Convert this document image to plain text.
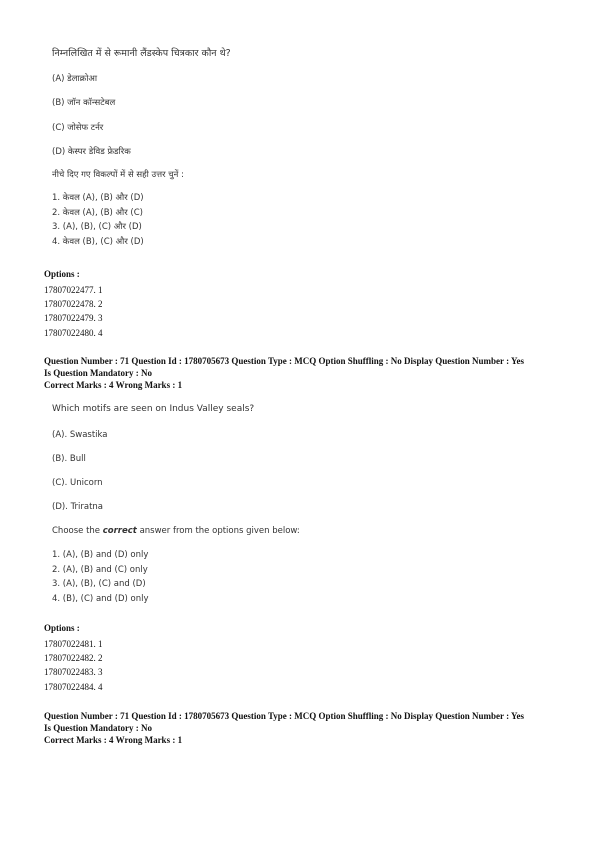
निम्नलिखित में से रूमानी लैंडस्केप चित्रकार कौन थे?
(A) डेलाक्रोआ
(B) जॉन कॉन्सटेबल
(C) जोसेफ टर्नर
(D) केस्पर डेविड फ्रेडरिक
नीचे दिए गए विकल्पों में से सही उत्तर चुनें :
1. केवल (A), (B) और (D)
2. केवल (A), (B) और (C)
3. (A), (B), (C) और (D)
4. केवल (B), (C) और (D)
Options :
17807022477. 1
17807022478. 2
17807022479. 3
17807022480. 4
Question Number : 71 Question Id : 1780705673 Question Type : MCQ Option Shuffling : No Display Question Number : Yes
Is Question Mandatory : No
Correct Marks : 4 Wrong Marks : 1
Which motifs are seen on Indus Valley seals?
(A). Swastika
(B). Bull
(C). Unicorn
(D). Triratna
Choose the correct answer from the options given below:
1. (A), (B) and (D) only
2. (A), (B) and (C) only
3. (A), (B), (C) and (D)
4. (B), (C) and (D) only
Options :
17807022481. 1
17807022482. 2
17807022483. 3
17807022484. 4
Question Number : 71 Question Id : 1780705673 Question Type : MCQ Option Shuffling : No Display Question Number : Yes
Is Question Mandatory : No
Correct Marks : 4 Wrong Marks : 1
